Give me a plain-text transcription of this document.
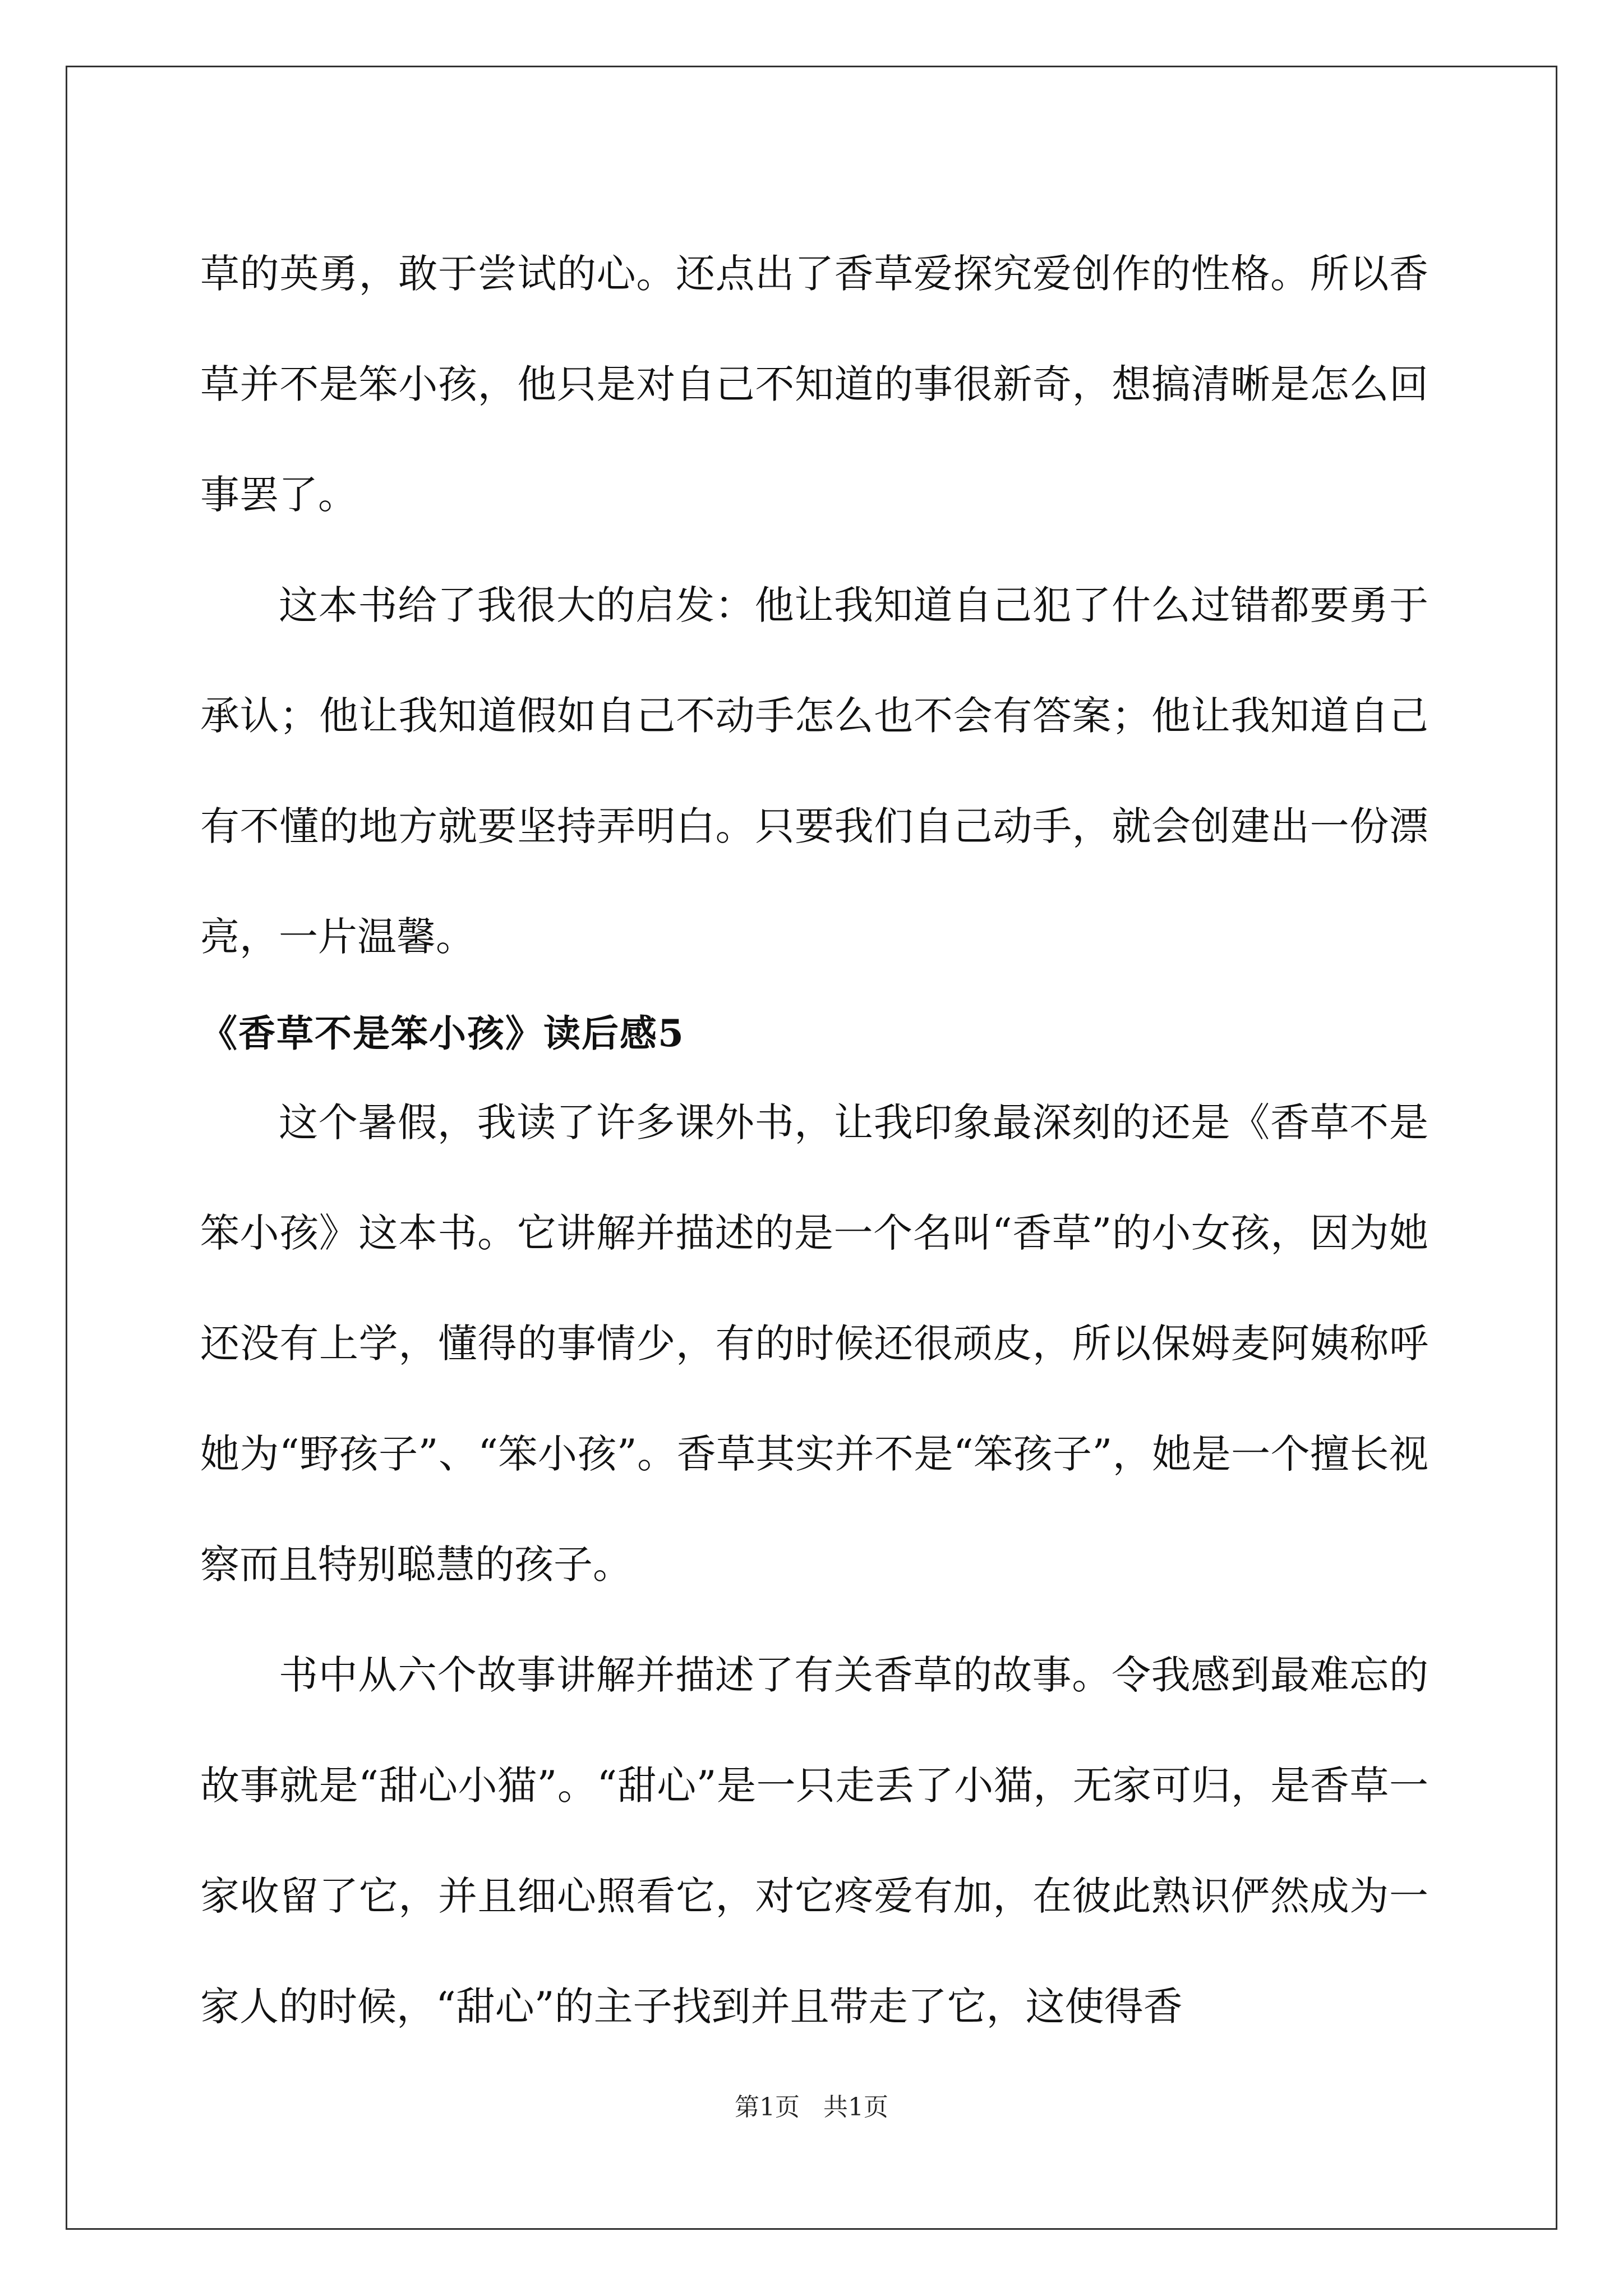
草的英勇，敢于尝试的心。还点出了香草爱探究爱创作的性格。所以香草并不是笨小孩，他只是对自己不知道的事很新奇，想搞清晰是怎么回事罢了。

这本书给了我很大的启发：他让我知道自己犯了什么过错都要勇于承认；他让我知道假如自己不动手怎么也不会有答案；他让我知道自己有不懂的地方就要坚持弄明白。只要我们自己动手，就会创建出一份漂亮，一片温馨。

《香草不是笨小孩》读后感5

这个暑假，我读了许多课外书，让我印象最深刻的还是《香草不是笨小孩》这本书。它讲解并描述的是一个名叫“香草”的小女孩，因为她还没有上学，懂得的事情少，有的时候还很顽皮，所以保姆麦阿姨称呼她为“野孩子”、“笨小孩”。香草其实并不是“笨孩子”，她是一个擅长视察而且特别聪慧的孩子。

书中从六个故事讲解并描述了有关香草的故事。令我感到最难忘的故事就是“甜心小猫”。“甜心”是一只走丢了小猫，无家可归，是香草一家收留了它，并且细心照看它，对它疼爱有加，在彼此熟识俨然成为一家人的时候，“甜心”的主子找到并且带走了它，这使得香

第1页 共1页
